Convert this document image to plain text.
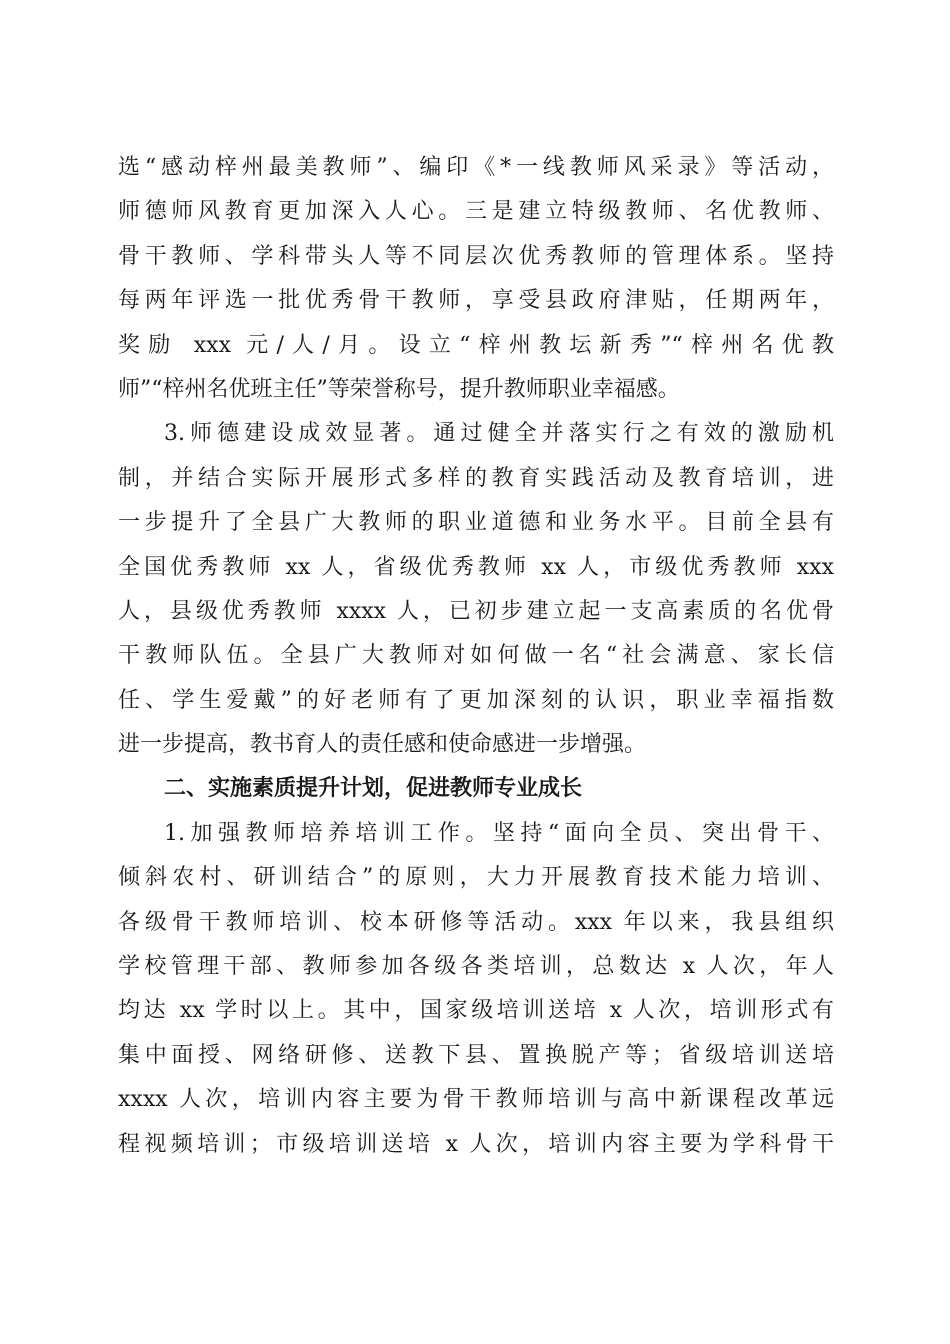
选“感动梓州最美教师”、编印《*一线教师风采录》等活动，
师德师风教育更加深入人心。三是建立特级教师、名优教师、
骨干教师、学科带头人等不同层次优秀教师的管理体系。坚持
每两年评选一批优秀骨干教师，享受县政府津贴，任期两年，
奖励 xxx 元/人/月。设立“梓州教坛新秀”“梓州名优教
师”“梓州名优班主任”等荣誉称号，提升教师职业幸福感。
3.师德建设成效显著。通过健全并落实行之有效的激励机
制，并结合实际开展形式多样的教育实践活动及教育培训，进
一步提升了全县广大教师的职业道德和业务水平。目前全县有
全国优秀教师 xx 人，省级优秀教师 xx 人，市级优秀教师 xxx
人，县级优秀教师 xxxx 人，已初步建立起一支高素质的名优骨
干教师队伍。全县广大教师对如何做一名“社会满意、家长信
任、学生爱戴”的好老师有了更加深刻的认识，职业幸福指数
进一步提高，教书育人的责任感和使命感进一步增强。
二、实施素质提升计划，促进教师专业成长
1.加强教师培养培训工作。坚持“面向全员、突出骨干、
倾斜农村、研训结合”的原则，大力开展教育技术能力培训、
各级骨干教师培训、校本研修等活动。xxx 年以来，我县组织
学校管理干部、教师参加各级各类培训，总数达 x 人次，年人
均达 xx 学时以上。其中，国家级培训送培 x 人次，培训形式有
集中面授、网络研修、送教下县、置换脱产等；省级培训送培
xxxx 人次，培训内容主要为骨干教师培训与高中新课程改革远
程视频培训；市级培训送培 x 人次，培训内容主要为学科骨干
